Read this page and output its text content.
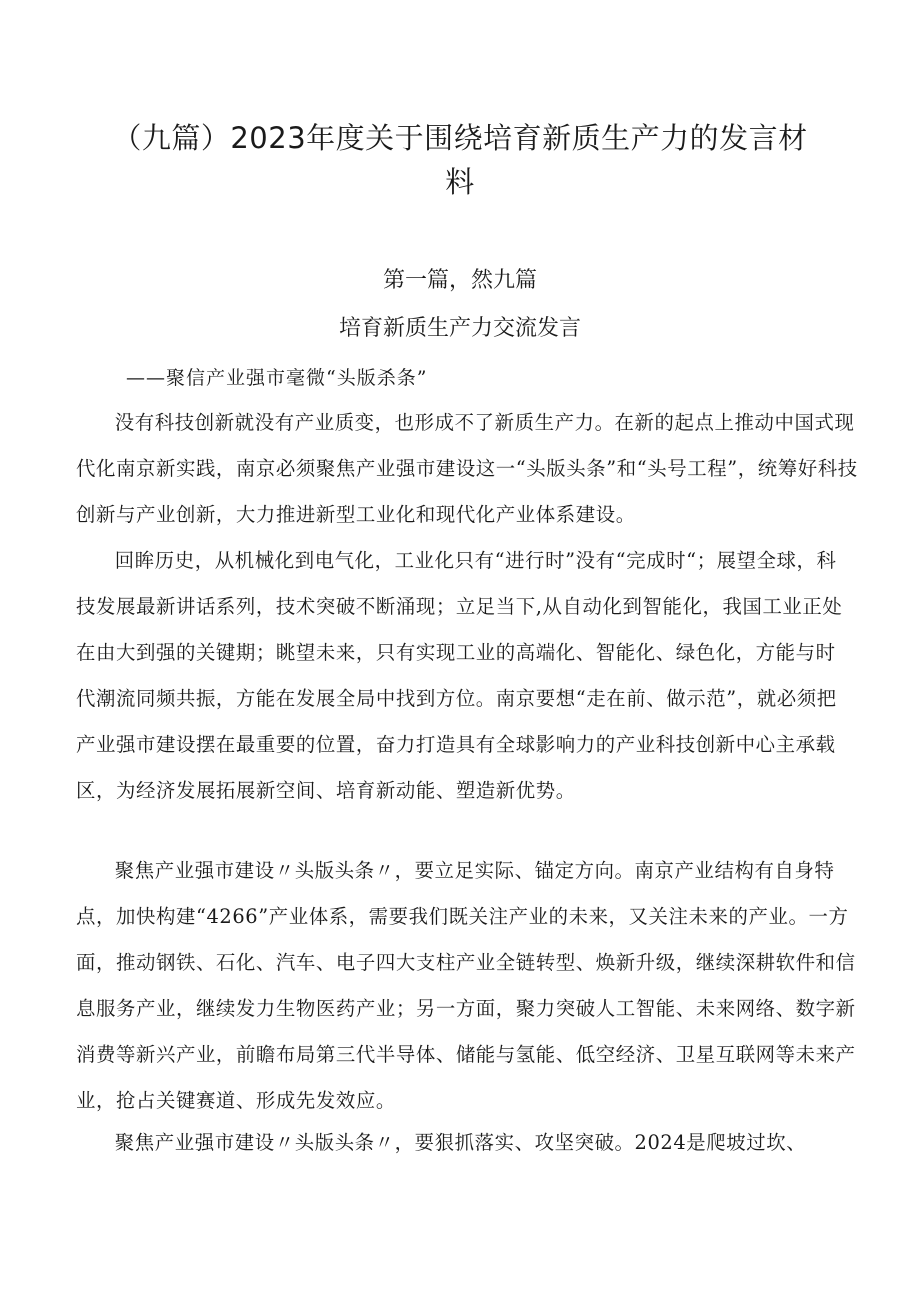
（九篇）2023年度关于围绕培育新质生产力的发言材料
第一篇，然九篇
培育新质生产力交流发言

——聚信产业强市毫微“头版杀条”

没有科技创新就没有产业质变，也形成不了新质生产力。在新的起点上推动中国式现代化南京新实践，南京必须聚焦产业强市建设这一“头版头条”和“头号工程”，统筹好科技创新与产业创新，大力推进新型工业化和现代化产业体系建设。

回眸历史，从机械化到电气化，工业化只有“进行时”没有“完成时“；展望全球，科技发展最新讲话系列，技术突破不断涌现；立足当下,从自动化到智能化，我国工业正处在由大到强的关键期；眺望未来，只有实现工业的高端化、智能化、绿色化，方能与时代潮流同频共振，方能在发展全局中找到方位。南京要想“走在前、做示范”，就必须把产业强市建设摆在最重要的位置，奋力打造具有全球影响力的产业科技创新中心主承载区，为经济发展拓展新空间、培育新动能、塑造新优势。

聚焦产业强市建设〃头版头条〃，要立足实际、锚定方向。南京产业结构有自身特点，加快构建“4266”产业体系，需要我们既关注产业的未来，又关注未来的产业。一方面，推动钢铁、石化、汽车、电子四大支柱产业全链转型、焕新升级，继续深耕软件和信息服务产业，继续发力生物医药产业；另一方面，聚力突破人工智能、未来网络、数字新消费等新兴产业，前瞻布局第三代半导体、储能与氢能、低空经济、卫星互联网等未来产业，抢占关键赛道、形成先发效应。

聚焦产业强市建设〃头版头条〃，要狠抓落实、攻坚突破。2024是爬坡过坎、
